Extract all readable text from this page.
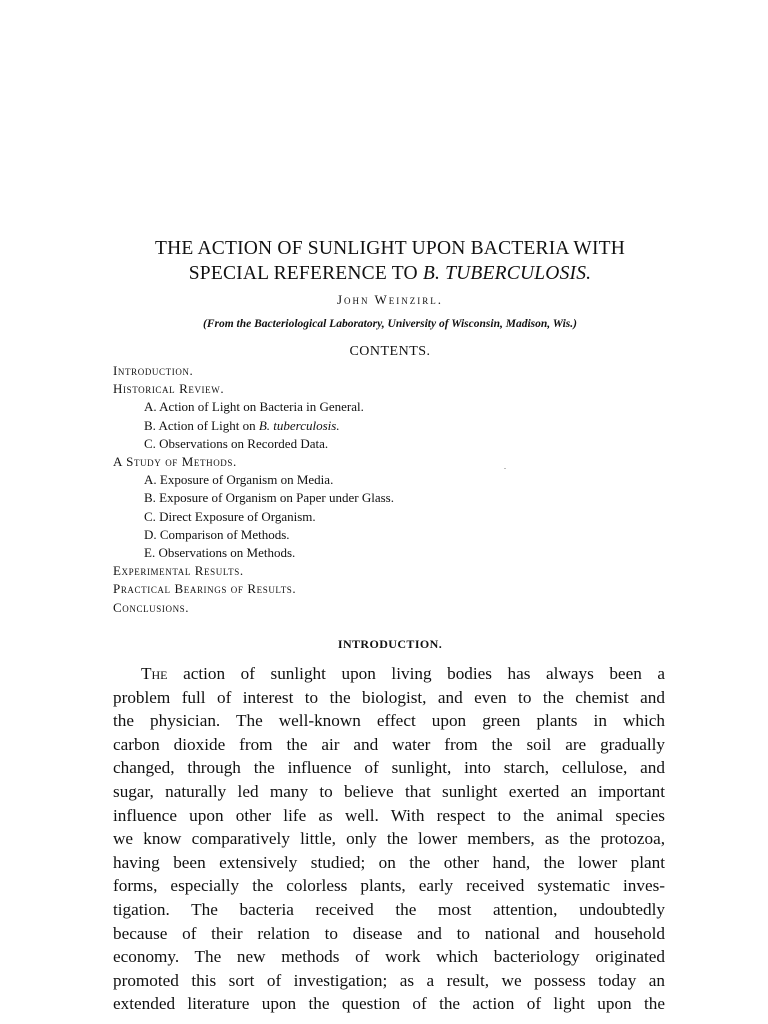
THE ACTION OF SUNLIGHT UPON BACTERIA WITH
SPECIAL REFERENCE TO B. TUBERCULOSIS.
John Weinzirl.
(From the Bacteriological Laboratory, University of Wisconsin, Madison, Wis.)
CONTENTS.
Introduction.
Historical Review.
A. Action of Light on Bacteria in General.
B. Action of Light on B. tuberculosis.
C. Observations on Recorded Data.
A Study of Methods.
A. Exposure of Organism on Media.
B. Exposure of Organism on Paper under Glass.
C. Direct Exposure of Organism.
D. Comparison of Methods.
E. Observations on Methods.
Experimental Results.
Practical Bearings of Results.
Conclusions.
INTRODUCTION.
The action of sunlight upon living bodies has always been a
problem full of interest to the biologist, and even to the chemist and
the physician. The well-known effect upon green plants in which
carbon dioxide from the air and water from the soil are gradually
changed, through the influence of sunlight, into starch, cellulose, and
sugar, naturally led many to believe that sunlight exerted an important
influence upon other life as well. With respect to the animal species
we know comparatively little, only the lower members, as the protozoa,
having been extensively studied; on the other hand, the lower plant
forms, especially the colorless plants, early received systematic inves-
tigation. The bacteria received the most attention, undoubtedly
because of their relation to disease and to national and household
economy. The new methods of work which bacteriology originated
promoted this sort of investigation; as a result, we possess today an
extended literature upon the question of the action of light upon the
